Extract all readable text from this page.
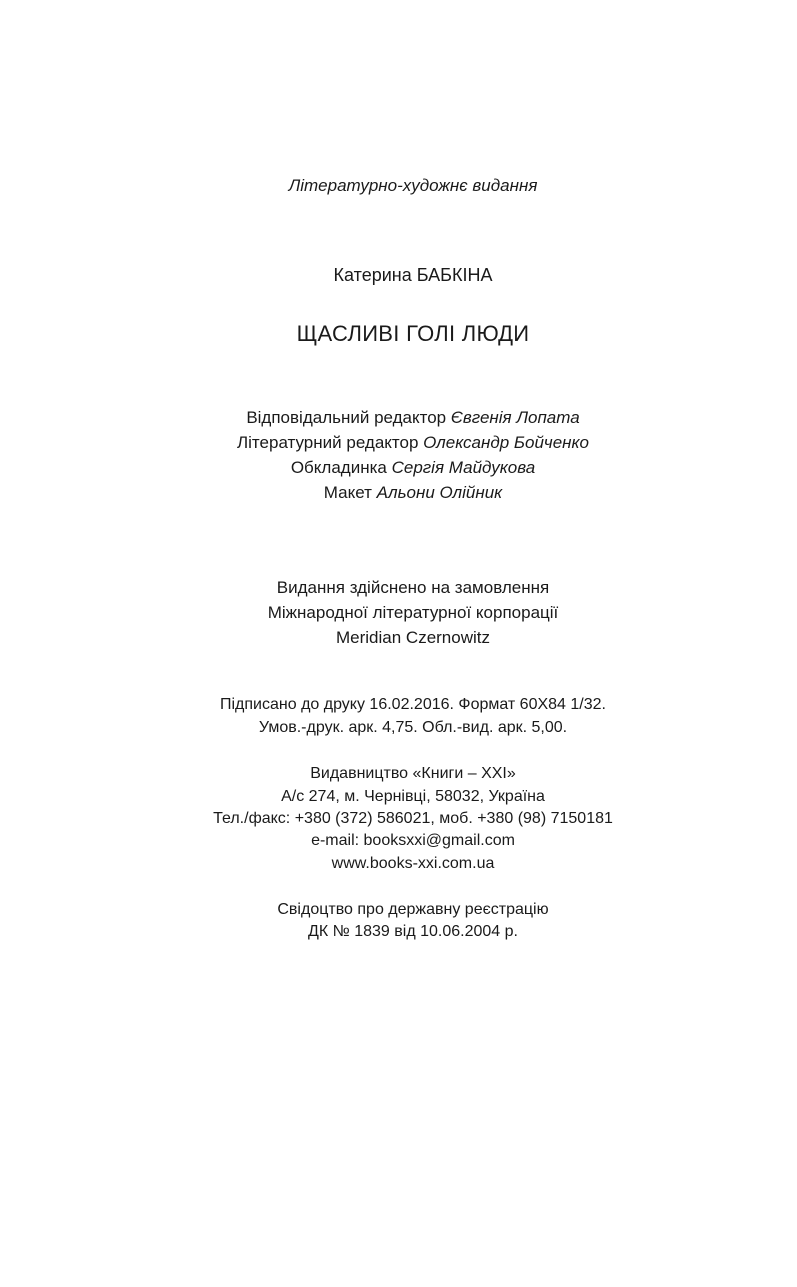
Літературно-художнє видання
Катерина БАБКІНА
ЩАСЛИВІ ГОЛІ ЛЮДИ
Відповідальний редактор Євгенія Лопата
Літературний редактор Олександр Бойченко
Обкладинка Сергія Майдукова
Макет Альони Олійник
Видання здійснено на замовлення
Міжнародної літературної корпорації
Meridian Czernowitz
Підписано до друку 16.02.2016. Формат 60Х84 1/32.
Умов.-друк. арк. 4,75. Обл.-вид. арк. 5,00.
Видавництво «Книги – ХХІ»
А/с 274, м. Чернівці, 58032, Україна
Тел./факс: +380 (372) 586021, моб. +380 (98) 7150181
e-mail: booksxxi@gmail.com
www.books-xxi.com.ua
Свідоцтво про державну реєстрацію
ДК № 1839 від 10.06.2004 р.
